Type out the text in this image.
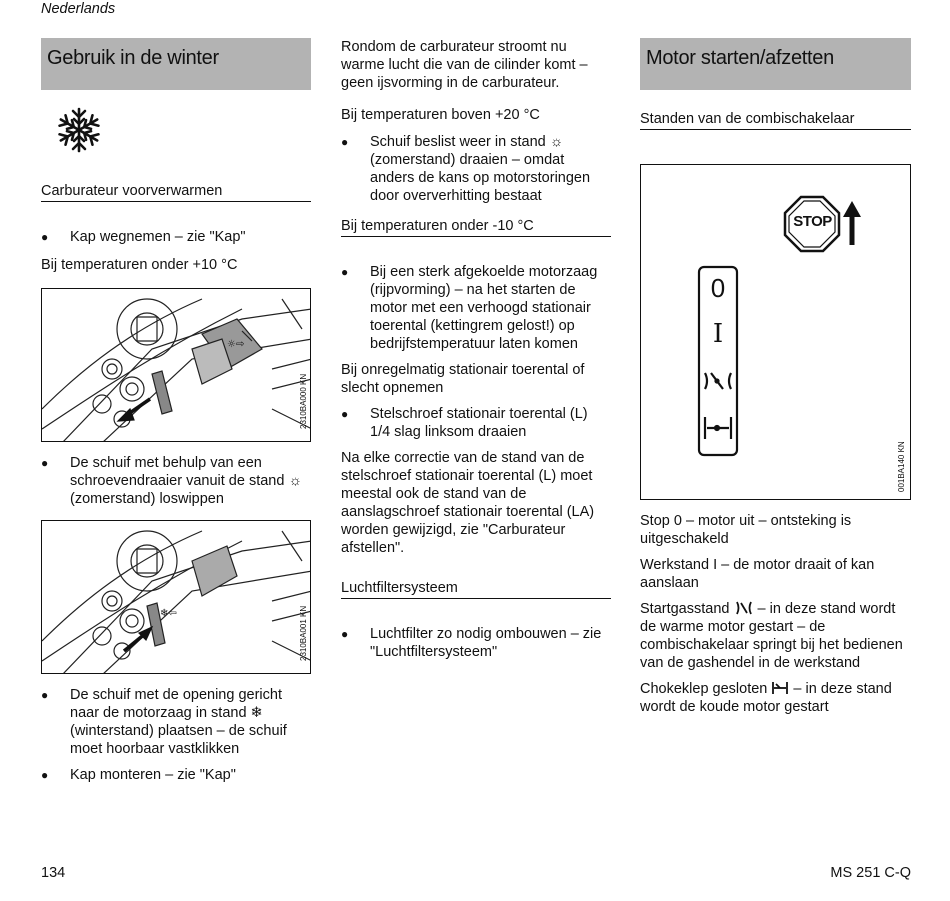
Nederlands
Gebruik in de winter
Carburateur voorverwarmen
● Kap wegnemen – zie "Kap"
Bij temperaturen onder +10 °C
☼⇨
2310BA000 KN
● De schuif met behulp van een schroevendraaier vanuit de stand ☼ (zomerstand) loswippen
❄⇦	2310BA001 KN
● De schuif met de opening gericht naar de motorzaag in stand ❄ (winterstand) plaatsen – de schuif moet hoorbaar vastklikken
● Kap monteren – zie "Kap"
Rondom de carburateur stroomt nu warme lucht die van de cilinder komt – geen ijsvorming in de carburateur.
Bij temperaturen boven +20 °C
● Schuif beslist weer in stand ☼ (zomerstand) draaien – omdat anders de kans op motorstoringen door oververhitting bestaat
Bij temperaturen onder -10 °C
● Bij een sterk afgekoelde motorzaag (rijpvorming) – na het starten de motor met een verhoogd stationair toerental (kettingrem gelost!) op bedrijfstemperatuur laten komen
Bij onregelmatig stationair toerental of slecht opnemen
● Stelschroef stationair toerental (L) 1/4 slag linksom draaien
Na elke correctie van de stand van de stelschroef stationair toerental (L) moet meestal ook de stand van de aanslagschroef stationair toerental (LA) worden gewijzigd, zie "Carburateur afstellen".
Luchtfiltersysteem
● Luchtfilter zo nodig ombouwen – zie "Luchtfiltersysteem"
Motor starten/afzetten
Standen van de combischakelaar
STOP
0
I
001BA140 KN
Stop 0 – motor uit – ontsteking is uitgeschakeld
Werkstand I – de motor draait of kan aanslaan
Startgasstand  – in deze stand wordt de warme motor gestart – de combischakelaar springt bij het bedienen van de gashendel in de werkstand
Chokeklep gesloten  – in deze stand wordt de koude motor gestart
134	MS 251 C-Q
